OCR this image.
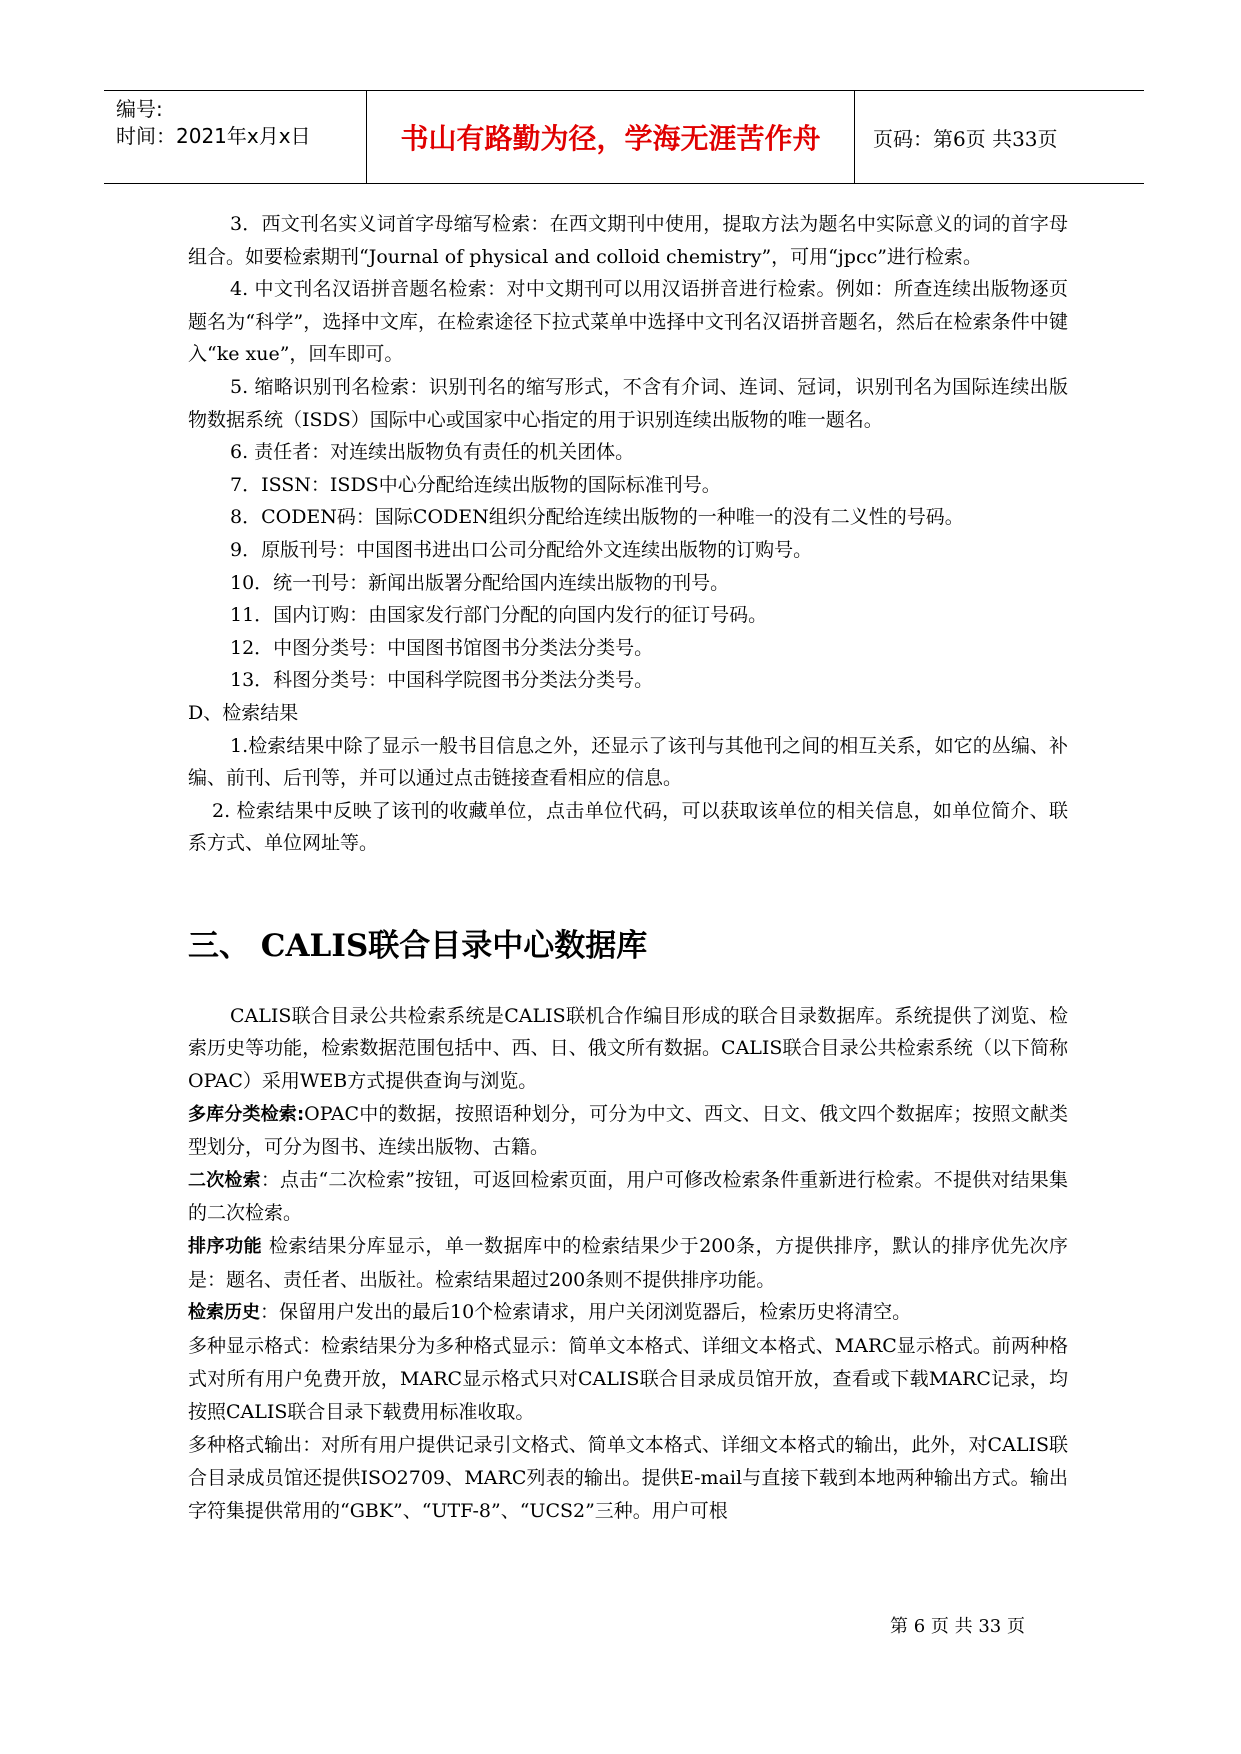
编号:
时间：2021年x月x日	书山有路勤为径，学海无涯苦作舟	页码：第6页 共33页

3．西文刊名实义词首字母缩写检索：在西文期刊中使用，提取方法为题名中实际意义的词的首字母组合。如要检索期刊“Journal of physical and colloid chemistry”，可用“jpcc”进行检索。

4. 中文刊名汉语拼音题名检索：对中文期刊可以用汉语拼音进行检索。例如：所查连续出版物逐页题名为“科学”，选择中文库，在检索途径下拉式菜单中选择中文刊名汉语拼音题名，然后在检索条件中键入“ke xue”，回车即可。

5. 缩略识别刊名检索：识别刊名的缩写形式，不含有介词、连词、冠词，识别刊名为国际连续出版物数据系统（ISDS）国际中心或国家中心指定的用于识别连续出版物的唯一题名。

6. 责任者：对连续出版物负有责任的机关团体。

7．ISSN：ISDS中心分配给连续出版物的国际标准刊号。

8．CODEN码：国际CODEN组织分配给连续出版物的一种唯一的没有二义性的号码。

9．原版刊号：中国图书进出口公司分配给外文连续出版物的订购号。

10．统一刊号：新闻出版署分配给国内连续出版物的刊号。

11．国内订购：由国家发行部门分配的向国内发行的征订号码。

12．中图分类号：中国图书馆图书分类法分类号。

13．科图分类号：中国科学院图书分类法分类号。

D、检索结果

1.检索结果中除了显示一般书目信息之外，还显示了该刊与其他刊之间的相互关系，如它的丛编、补编、前刊、后刊等，并可以通过点击链接查看相应的信息。

2. 检索结果中反映了该刊的收藏单位，点击单位代码，可以获取该单位的相关信息，如单位简介、联系方式、单位网址等。

三、 CALIS联合目录中心数据库

CALIS联合目录公共检索系统是CALIS联机合作编目形成的联合目录数据库。系统提供了浏览、检索历史等功能，检索数据范围包括中、西、日、俄文所有数据。CALIS联合目录公共检索系统（以下简称OPAC）采用WEB方式提供查询与浏览。

多库分类检索:OPAC中的数据，按照语种划分，可分为中文、西文、日文、俄文四个数据库；按照文献类型划分，可分为图书、连续出版物、古籍。

二次检索：点击“二次检索”按钮，可返回检索页面，用户可修改检索条件重新进行检索。不提供对结果集的二次检索。

排序功能 检索结果分库显示，单一数据库中的检索结果少于200条，方提供排序，默认的排序优先次序是：题名、责任者、出版社。检索结果超过200条则不提供排序功能。

检索历史：保留用户发出的最后10个检索请求，用户关闭浏览器后，检索历史将清空。

多种显示格式：检索结果分为多种格式显示：简单文本格式、详细文本格式、MARC显示格式。前两种格式对所有用户免费开放，MARC显示格式只对CALIS联合目录成员馆开放，查看或下载MARC记录，均按照CALIS联合目录下载费用标准收取。

多种格式输出：对所有用户提供记录引文格式、简单文本格式、详细文本格式的输出，此外，对CALIS联合目录成员馆还提供ISO2709、MARC列表的输出。提供E-mail与直接下载到本地两种输出方式。输出字符集提供常用的“GBK”、“UTF-8”、“UCS2”三种。用户可根

第 6 页 共 33 页
